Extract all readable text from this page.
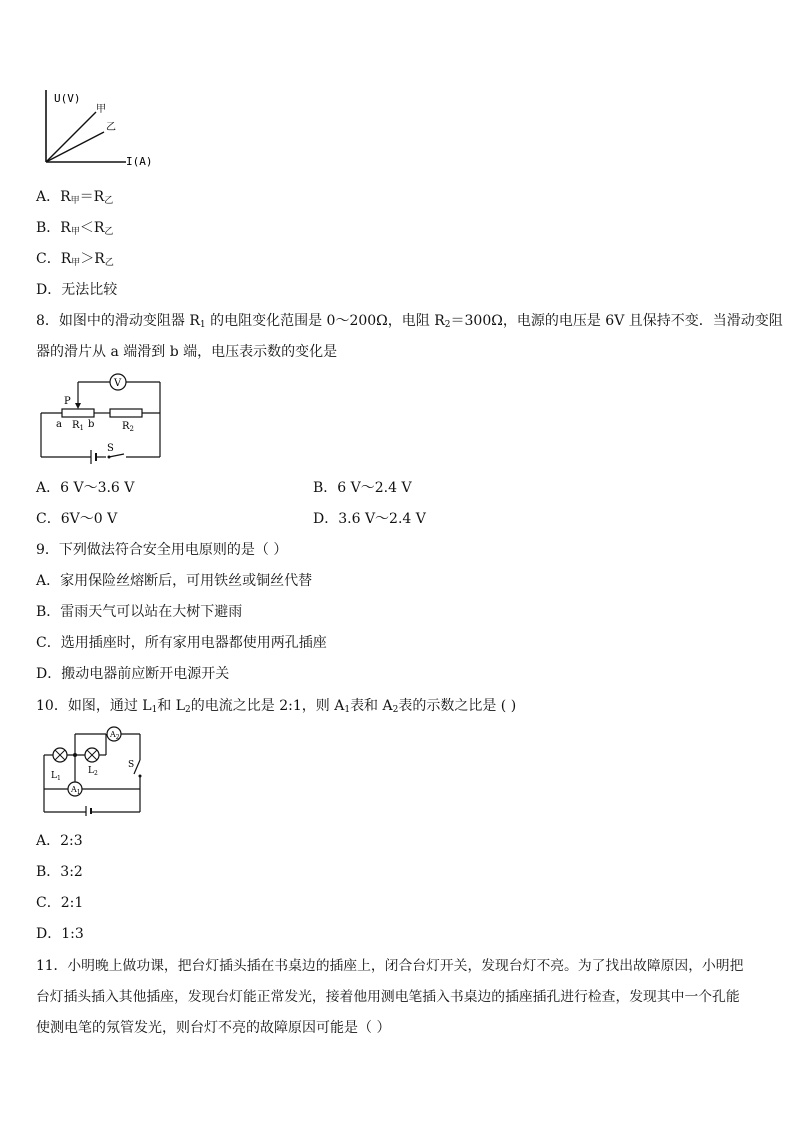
U(V)
I(A)
甲
乙
A．$R_甲=R_乙$
B．$R_甲<R_乙$
C．$R_甲>R_乙$
D．无法比较
8．如图中的滑动变阻器 $R_1$ 的电阻变化范围是 0～200Ω，电阻 $R_2=300\Omega$，电源的电压是 6V 且保持不变．当滑动变阻
器的滑片从 a 端滑到 b 端，电压表示数的变化是
V
P
a $R_1$ b	$R_2$
S
A．6 V～3.6 V	B．6 V～2.4 V
C．6V～0 V	D．3.6 V～2.4 V
9．下列做法符合安全用电原则的是（ ）
A．家用保险丝熔断后，可用铁丝或铜丝代替
B．雷雨天气可以站在大树下避雨
C．选用插座时，所有家用电器都使用两孔插座
D．搬动电器前应断开电源开关
10．如图，通过 $L_1$和 $L_2$的电流之比是 2:1，则 $A_1$表和 $A_2$表的示数之比是 ( )
$A_2$
S
$A_1$
$L_1$
$L_2$
A．2:3
B．3:2
C．2:1
D．1:3
11．小明晚上做功课，把台灯插头插在书桌边的插座上，闭合台灯开关，发现台灯不亮。为了找出故障原因，小明把
台灯插头插入其他插座，发现台灯能正常发光，接着他用测电笔插入书桌边的插座插孔进行检查，发现其中一个孔能
使测电笔的氖管发光，则台灯不亮的故障原因可能是（ ）
